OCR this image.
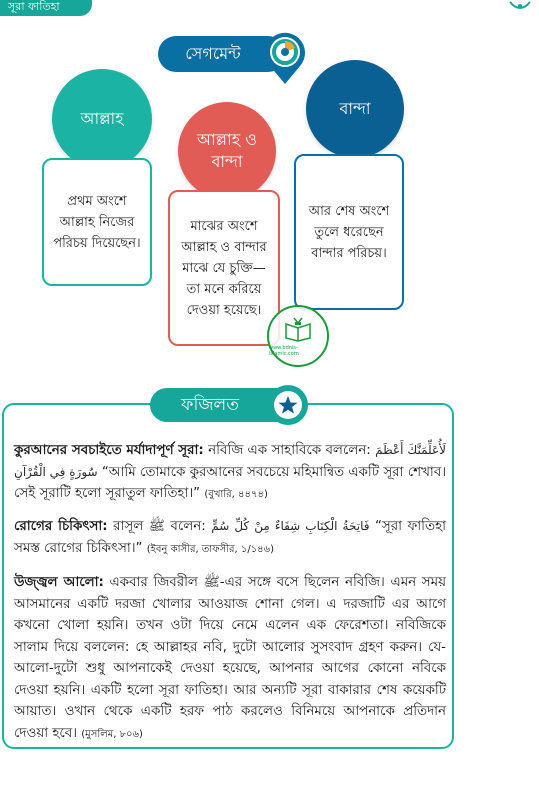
সূরা ফাতিহা
সেগমেন্ট
আল্লাহ
আল্লাহ ও বান্দা
বান্দা
প্রথম অংশে আল্লাহ নিজের পরিচয় দিয়েছেন।
মাঝের অংশে আল্লাহ ও বান্দার মাঝে যে চুক্তি—তা মনে করিয়ে দেওয়া হয়েছে।
আর শেষ অংশে তুলে ধরেছেন বান্দার পরিচয়।
www.bdnis-islamic.com
ফজিলত
কুরআনের সবচাইতে মর্যাদাপূর্ণ সূরা: নবিজি এক সাহাবিকে বললেন: لَأُعَلِّمَنَّكَ أَعْظَمَ سُورَةٍ فِي الْقُرْآنِ “আমি তোমাকে কুরআনের সবচেয়ে মহিমান্বিত একটি সূরা শেখাব। সেই সূরাটি হলো সূরাতুল ফাতিহা।” (বুখারি, ৪৪৭৪)
রোগের চিকিৎসা: রাসূল ﷺ বলেন: فَاتِحَةُ الْكِتَابِ شِفَاءٌ مِنْ كُلِّ سُمٍّ “সূরা ফাতিহা সমস্ত রোগের চিকিৎসা।” (ইবনু কাসীর, তাফসীর, ১/১৪৬)
উজ্জ্বল আলো: একবার জিবরীল ﷺ-এর সঙ্গে বসে ছিলেন নবিজি। এমন সময় আসমানের একটি দরজা খোলার আওয়াজ শোনা গেল। এ দরজাটি এর আগে কখনো খোলা হয়নি। তখন ওটা দিয়ে নেমে এলেন এক ফেরেশতা। নবিজিকে সালাম দিয়ে বললেন: হে আল্লাহর নবি, দুটো আলোর সুসংবাদ গ্রহণ করুন। যে-আলো-দুটো শুধু আপনাকেই দেওয়া হয়েছে, আপনার আগের কোনো নবিকে দেওয়া হয়নি। একটি হলো সূরা ফাতিহা। আর অন্যটি সূরা বাকারার শেষ কয়েকটি আয়াত। ওখান থেকে একটি হরফ পাঠ করলেও বিনিময়ে আপনাকে প্রতিদান দেওয়া হবে। (মুসলিম, ৮০৬)
